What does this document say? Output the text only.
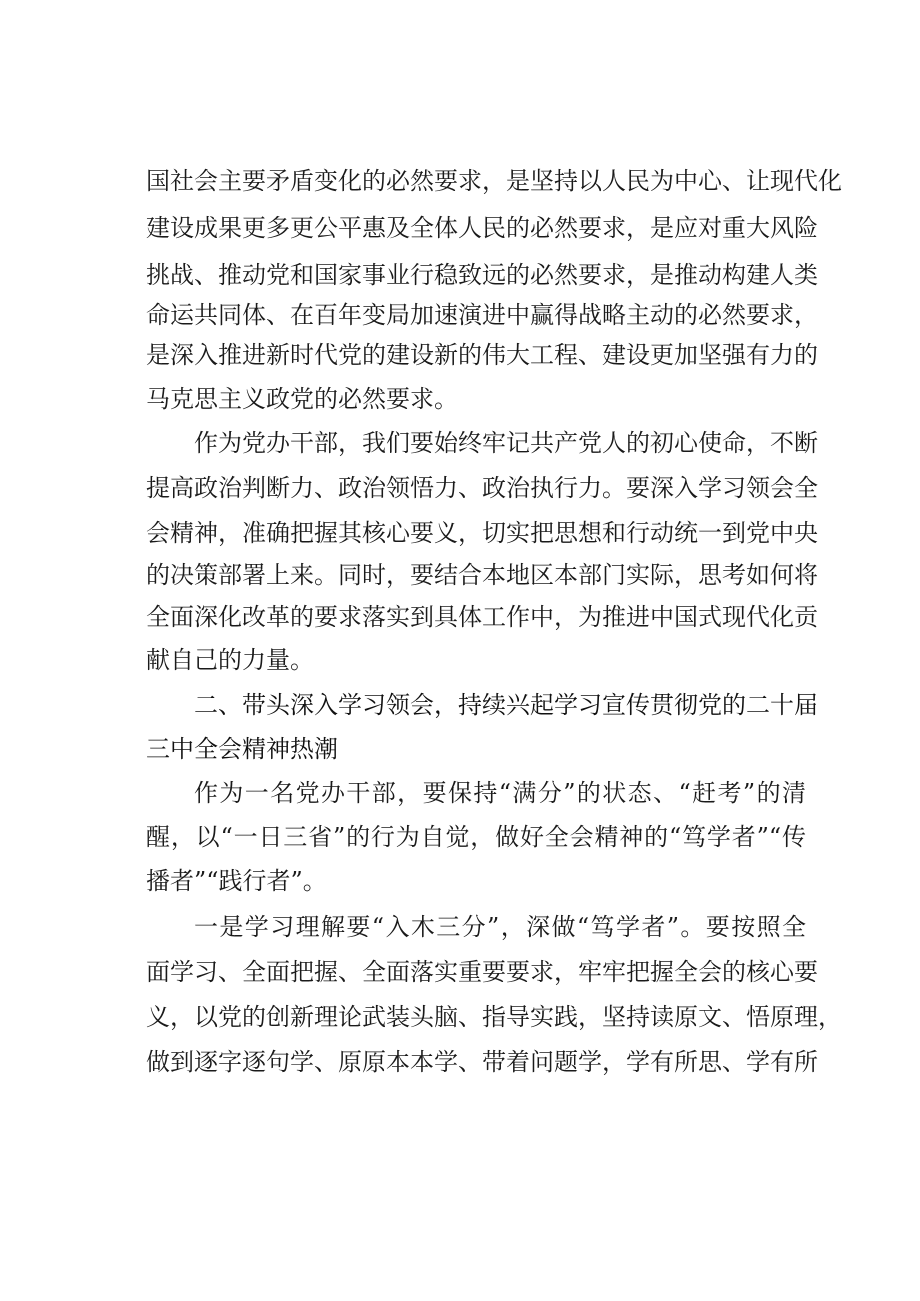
国社会主要矛盾变化的必然要求，是坚持以人民为中心、让现代化
建设成果更多更公平惠及全体人民的必然要求，是应对重大风险
挑战、推动党和国家事业行稳致远的必然要求，是推动构建人类
命运共同体、在百年变局加速演进中赢得战略主动的必然要求，
是深入推进新时代党的建设新的伟大工程、建设更加坚强有力的
马克思主义政党的必然要求。
作为党办干部，我们要始终牢记共产党人的初心使命，不断
提高政治判断力、政治领悟力、政治执行力。要深入学习领会全
会精神，准确把握其核心要义，切实把思想和行动统一到党中央
的决策部署上来。同时，要结合本地区本部门实际，思考如何将
全面深化改革的要求落实到具体工作中，为推进中国式现代化贡
献自己的力量。
二、带头深入学习领会，持续兴起学习宣传贯彻党的二十届
三中全会精神热潮
作为一名党办干部，要保持“满分”的状态、“赶考”的清
醒，以“一日三省”的行为自觉，做好全会精神的“笃学者”“传
播者”“践行者”。
一是学习理解要“入木三分”，深做“笃学者”。要按照全
面学习、全面把握、全面落实重要要求，牢牢把握全会的核心要
义，以党的创新理论武装头脑、指导实践，坚持读原文、悟原理，
做到逐字逐句学、原原本本学、带着问题学，学有所思、学有所
